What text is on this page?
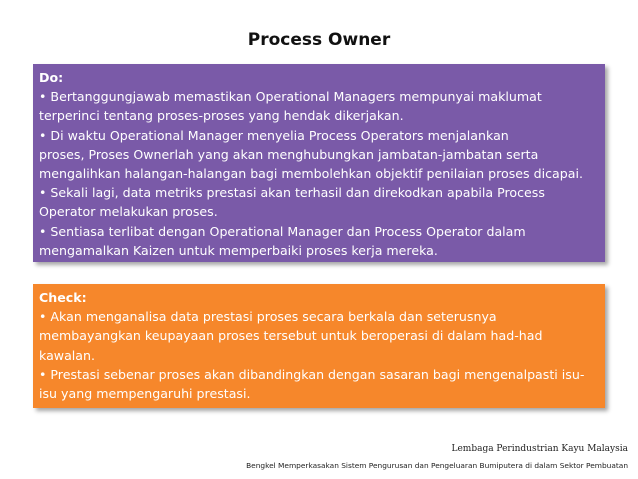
Process Owner
Do:
• Bertanggungjawab memastikan Operational Managers mempunyai maklumat
terperinci tentang proses-proses yang hendak dikerjakan.
• Di waktu Operational Manager menyelia Process Operators menjalankan
proses, Proses Ownerlah yang akan menghubungkan jambatan-jambatan serta
mengalihkan halangan-halangan bagi membolehkan objektif penilaian proses dicapai.
• Sekali lagi, data metriks prestasi akan terhasil dan direkodkan apabila Process
Operator melakukan proses.
• Sentiasa terlibat dengan Operational Manager dan Process Operator dalam
mengamalkan Kaizen untuk memperbaiki proses kerja mereka.
Check:
• Akan menganalisa data prestasi proses secara berkala dan seterusnya
membayangkan keupayaan proses tersebut untuk beroperasi di dalam had-had
kawalan.
• Prestasi sebenar proses akan dibandingkan dengan sasaran bagi mengenalpasti isu-
isu yang mempengaruhi prestasi.
Lembaga Perindustrian Kayu Malaysia
Bengkel Memperkasakan Sistem Pengurusan dan Pengeluaran Bumiputera di dalam Sektor Pembuatan
